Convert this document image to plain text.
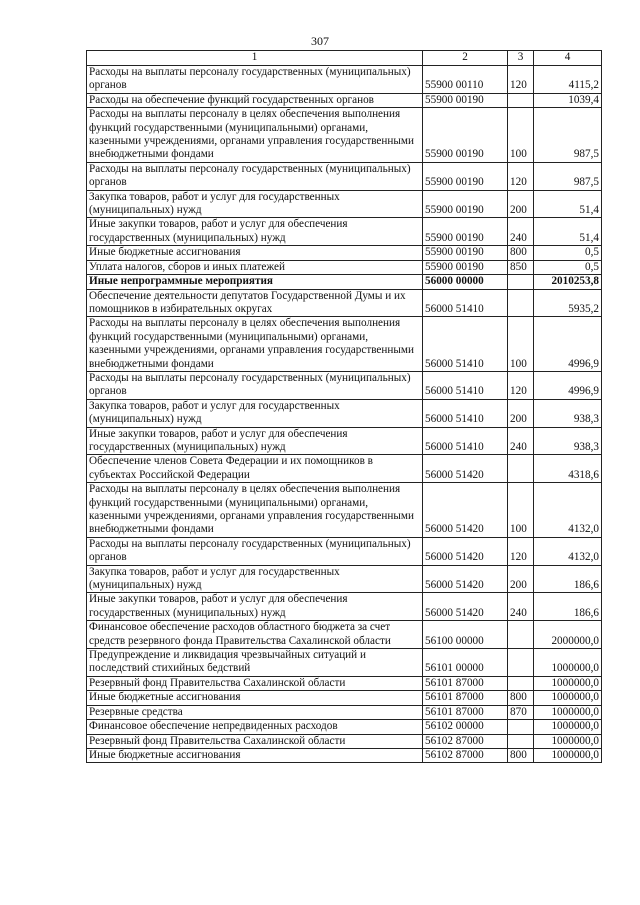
307
1	2	3	4
Расходы на выплаты персоналу государственных (муниципальных) органов	55900 00110	120	4115,2
Расходы на обеспечение функций государственных органов	55900 00190		1039,4
Расходы на выплаты персоналу в целях обеспечения выполнения функций государственными (муниципальными) органами, казенными учреждениями, органами управления государственными внебюджетными фондами	55900 00190	100	987,5
Расходы на выплаты персоналу государственных (муниципальных) органов	55900 00190	120	987,5
Закупка товаров, работ и услуг для государственных (муниципальных) нужд	55900 00190	200	51,4
Иные закупки товаров, работ и услуг для обеспечения государственных (муниципальных) нужд	55900 00190	240	51,4
Иные бюджетные ассигнования	55900 00190	800	0,5
Уплата налогов, сборов и иных платежей	55900 00190	850	0,5
Иные непрограммные мероприятия	56000 00000		2010253,8
Обеспечение деятельности депутатов Государственной Думы и их помощников в избирательных округах	56000 51410		5935,2
Расходы на выплаты персоналу в целях обеспечения выполнения функций государственными (муниципальными) органами, казенными учреждениями, органами управления государственными внебюджетными фондами	56000 51410	100	4996,9
Расходы на выплаты персоналу государственных (муниципальных) органов	56000 51410	120	4996,9
Закупка товаров, работ и услуг для государственных (муниципальных) нужд	56000 51410	200	938,3
Иные закупки товаров, работ и услуг для обеспечения государственных (муниципальных) нужд	56000 51410	240	938,3
Обеспечение членов Совета Федерации и их помощников в субъектах Российской Федерации	56000 51420		4318,6
Расходы на выплаты персоналу в целях обеспечения выполнения функций государственными (муниципальными) органами, казенными учреждениями, органами управления государственными внебюджетными фондами	56000 51420	100	4132,0
Расходы на выплаты персоналу государственных (муниципальных) органов	56000 51420	120	4132,0
Закупка товаров, работ и услуг для государственных (муниципальных) нужд	56000 51420	200	186,6
Иные закупки товаров, работ и услуг для обеспечения государственных (муниципальных) нужд	56000 51420	240	186,6
Финансовое обеспечение расходов областного бюджета за счет средств резервного фонда Правительства Сахалинской области	56100 00000		2000000,0
Предупреждение и ликвидация чрезвычайных ситуаций и последствий стихийных бедствий	56101 00000		1000000,0
Резервный фонд Правительства Сахалинской области	56101 87000		1000000,0
Иные бюджетные ассигнования	56101 87000	800	1000000,0
Резервные средства	56101 87000	870	1000000,0
Финансовое обеспечение непредвиденных расходов	56102 00000		1000000,0
Резервный фонд Правительства Сахалинской области	56102 87000		1000000,0
Иные бюджетные ассигнования	56102 87000	800	1000000,0
